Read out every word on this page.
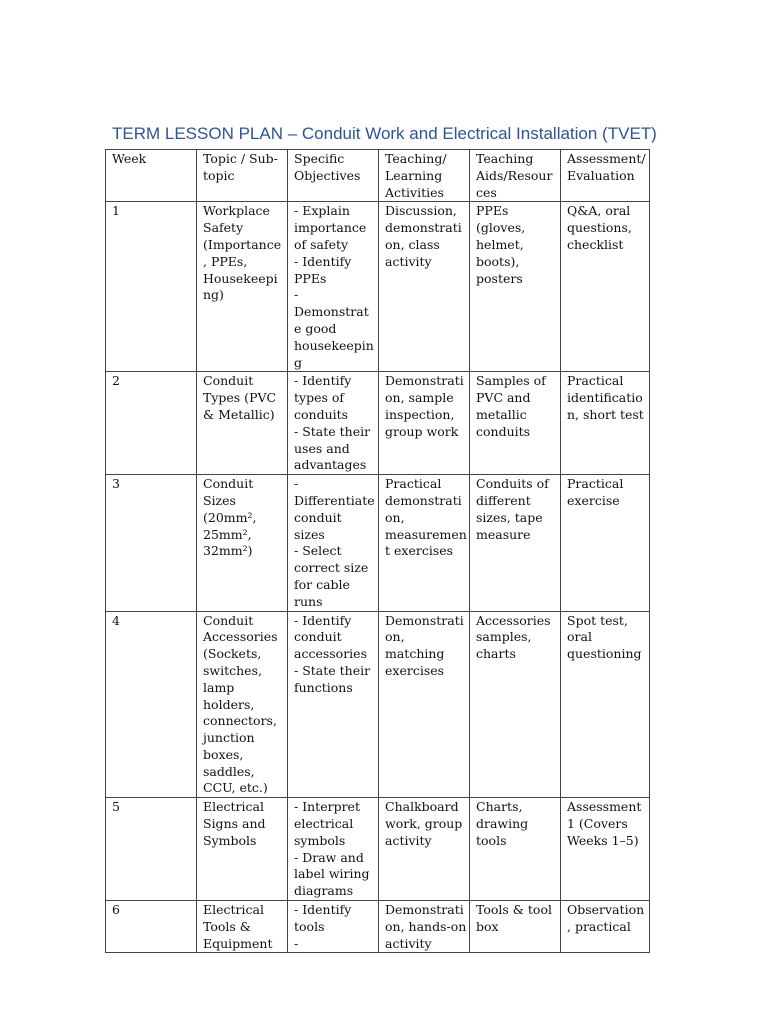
TERM LESSON PLAN – Conduit Work and Electrical Installation (TVET)
Week	Topic / Sub-topic	Specific Objectives	Teaching/ Learning Activities	Teaching Aids/Resources	Assessment/ Evaluation
1	Workplace Safety (Importance, PPEs, Housekeeping)	- Explain importance of safety
- Identify PPEs
- Demonstrate good housekeeping	Discussion, demonstration, class activity	PPEs (gloves, helmet, boots), posters	Q&A, oral questions, checklist
2	Conduit Types (PVC & Metallic)	- Identify types of conduits
- State their uses and advantages	Demonstration, sample inspection, group work	Samples of PVC and metallic conduits	Practical identification, short test
3	Conduit Sizes (20mm², 25mm², 32mm²)	- Differentiate conduit sizes
- Select correct size for cable runs	Practical demonstration, measurement exercises	Conduits of different sizes, tape measure	Practical exercise
4	Conduit Accessories (Sockets, switches, lamp holders, connectors, junction boxes, saddles, CCU, etc.)	- Identify conduit accessories
- State their functions	Demonstration, matching exercises	Accessories samples, charts	Spot test, oral questioning
5	Electrical Signs and Symbols	- Interpret electrical symbols
- Draw and label wiring diagrams	Chalkboard work, group activity	Charts, drawing tools	Assessment 1 (Covers Weeks 1–5)
6	Electrical Tools & Equipment	- Identify tools
-	Demonstration, hands-on activity	Tools & tool box	Observation, practical
